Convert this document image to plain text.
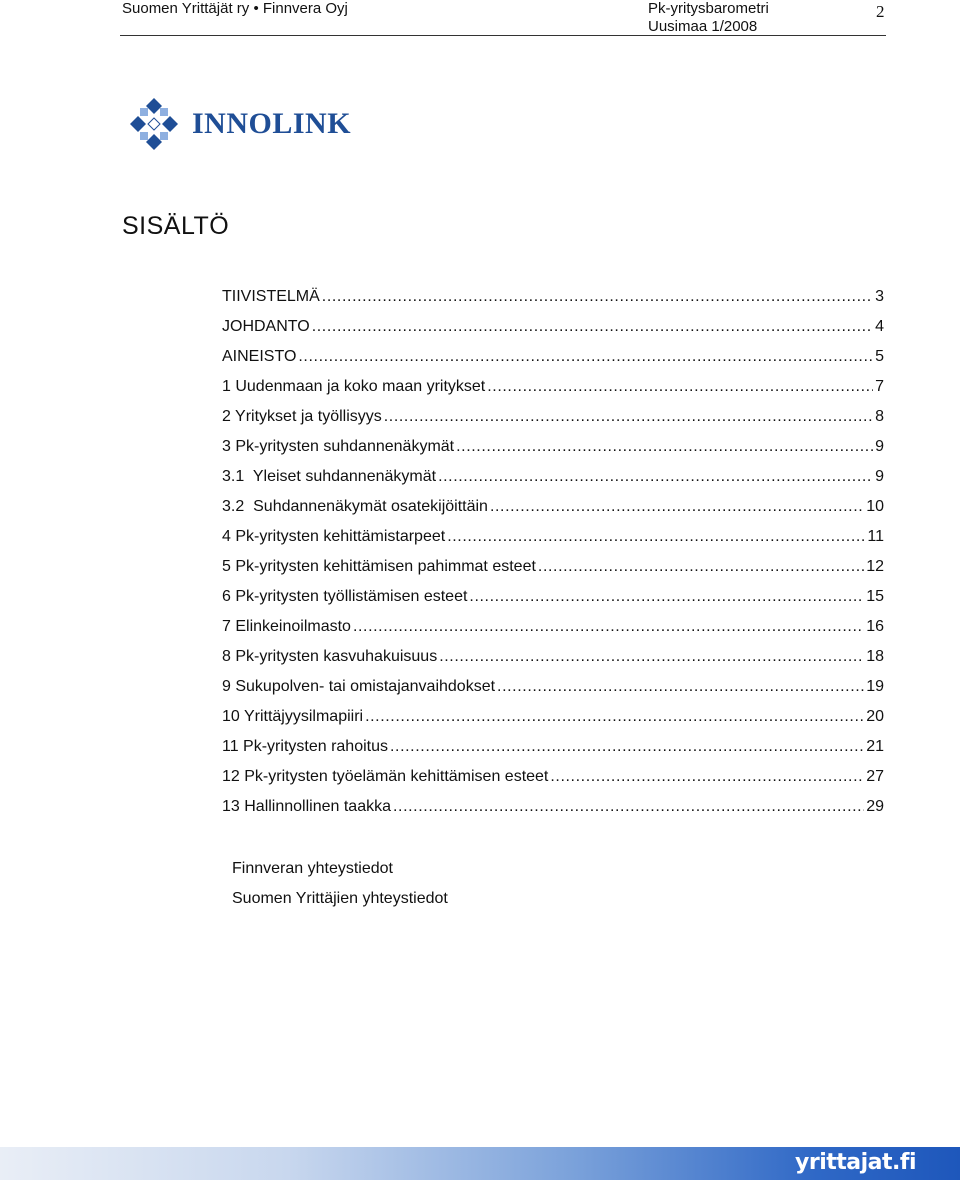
Suomen Yrittäjät ry • Finnvera Oyj	Pk-yritysbarometri
Uusimaa 1/2008
2
INNOLINK
SISÄLTÖ
TIIVISTELMÄ .....	3
JOHDANTO .....	4
AINEISTO .....	5
1 Uudenmaan ja koko maan yritykset .....	7
2 Yritykset ja työllisyys .....	8
3 Pk-yritysten suhdannenäkymät .....	9
3.1  Yleiset suhdannenäkymät .....	9
3.2  Suhdannenäkymät osatekijöittäin .....	10
4 Pk-yritysten kehittämistarpeet .....	11
5 Pk-yritysten kehittämisen pahimmat esteet .....	12
6 Pk-yritysten työllistämisen esteet .....	15
7 Elinkeinoilmasto .....	16
8 Pk-yritysten kasvuhakuisuus .....	18
9 Sukupolven- tai omistajanvaihdokset .....	19
10 Yrittäjyysilmapiiri .....	20
11 Pk-yritysten rahoitus .....	21
12 Pk-yritysten työelämän kehittämisen esteet .....	27
13 Hallinnollinen taakka .....	29
Finnveran yhteystiedot
Suomen Yrittäjien yhteystiedot
yrittajat.fi
